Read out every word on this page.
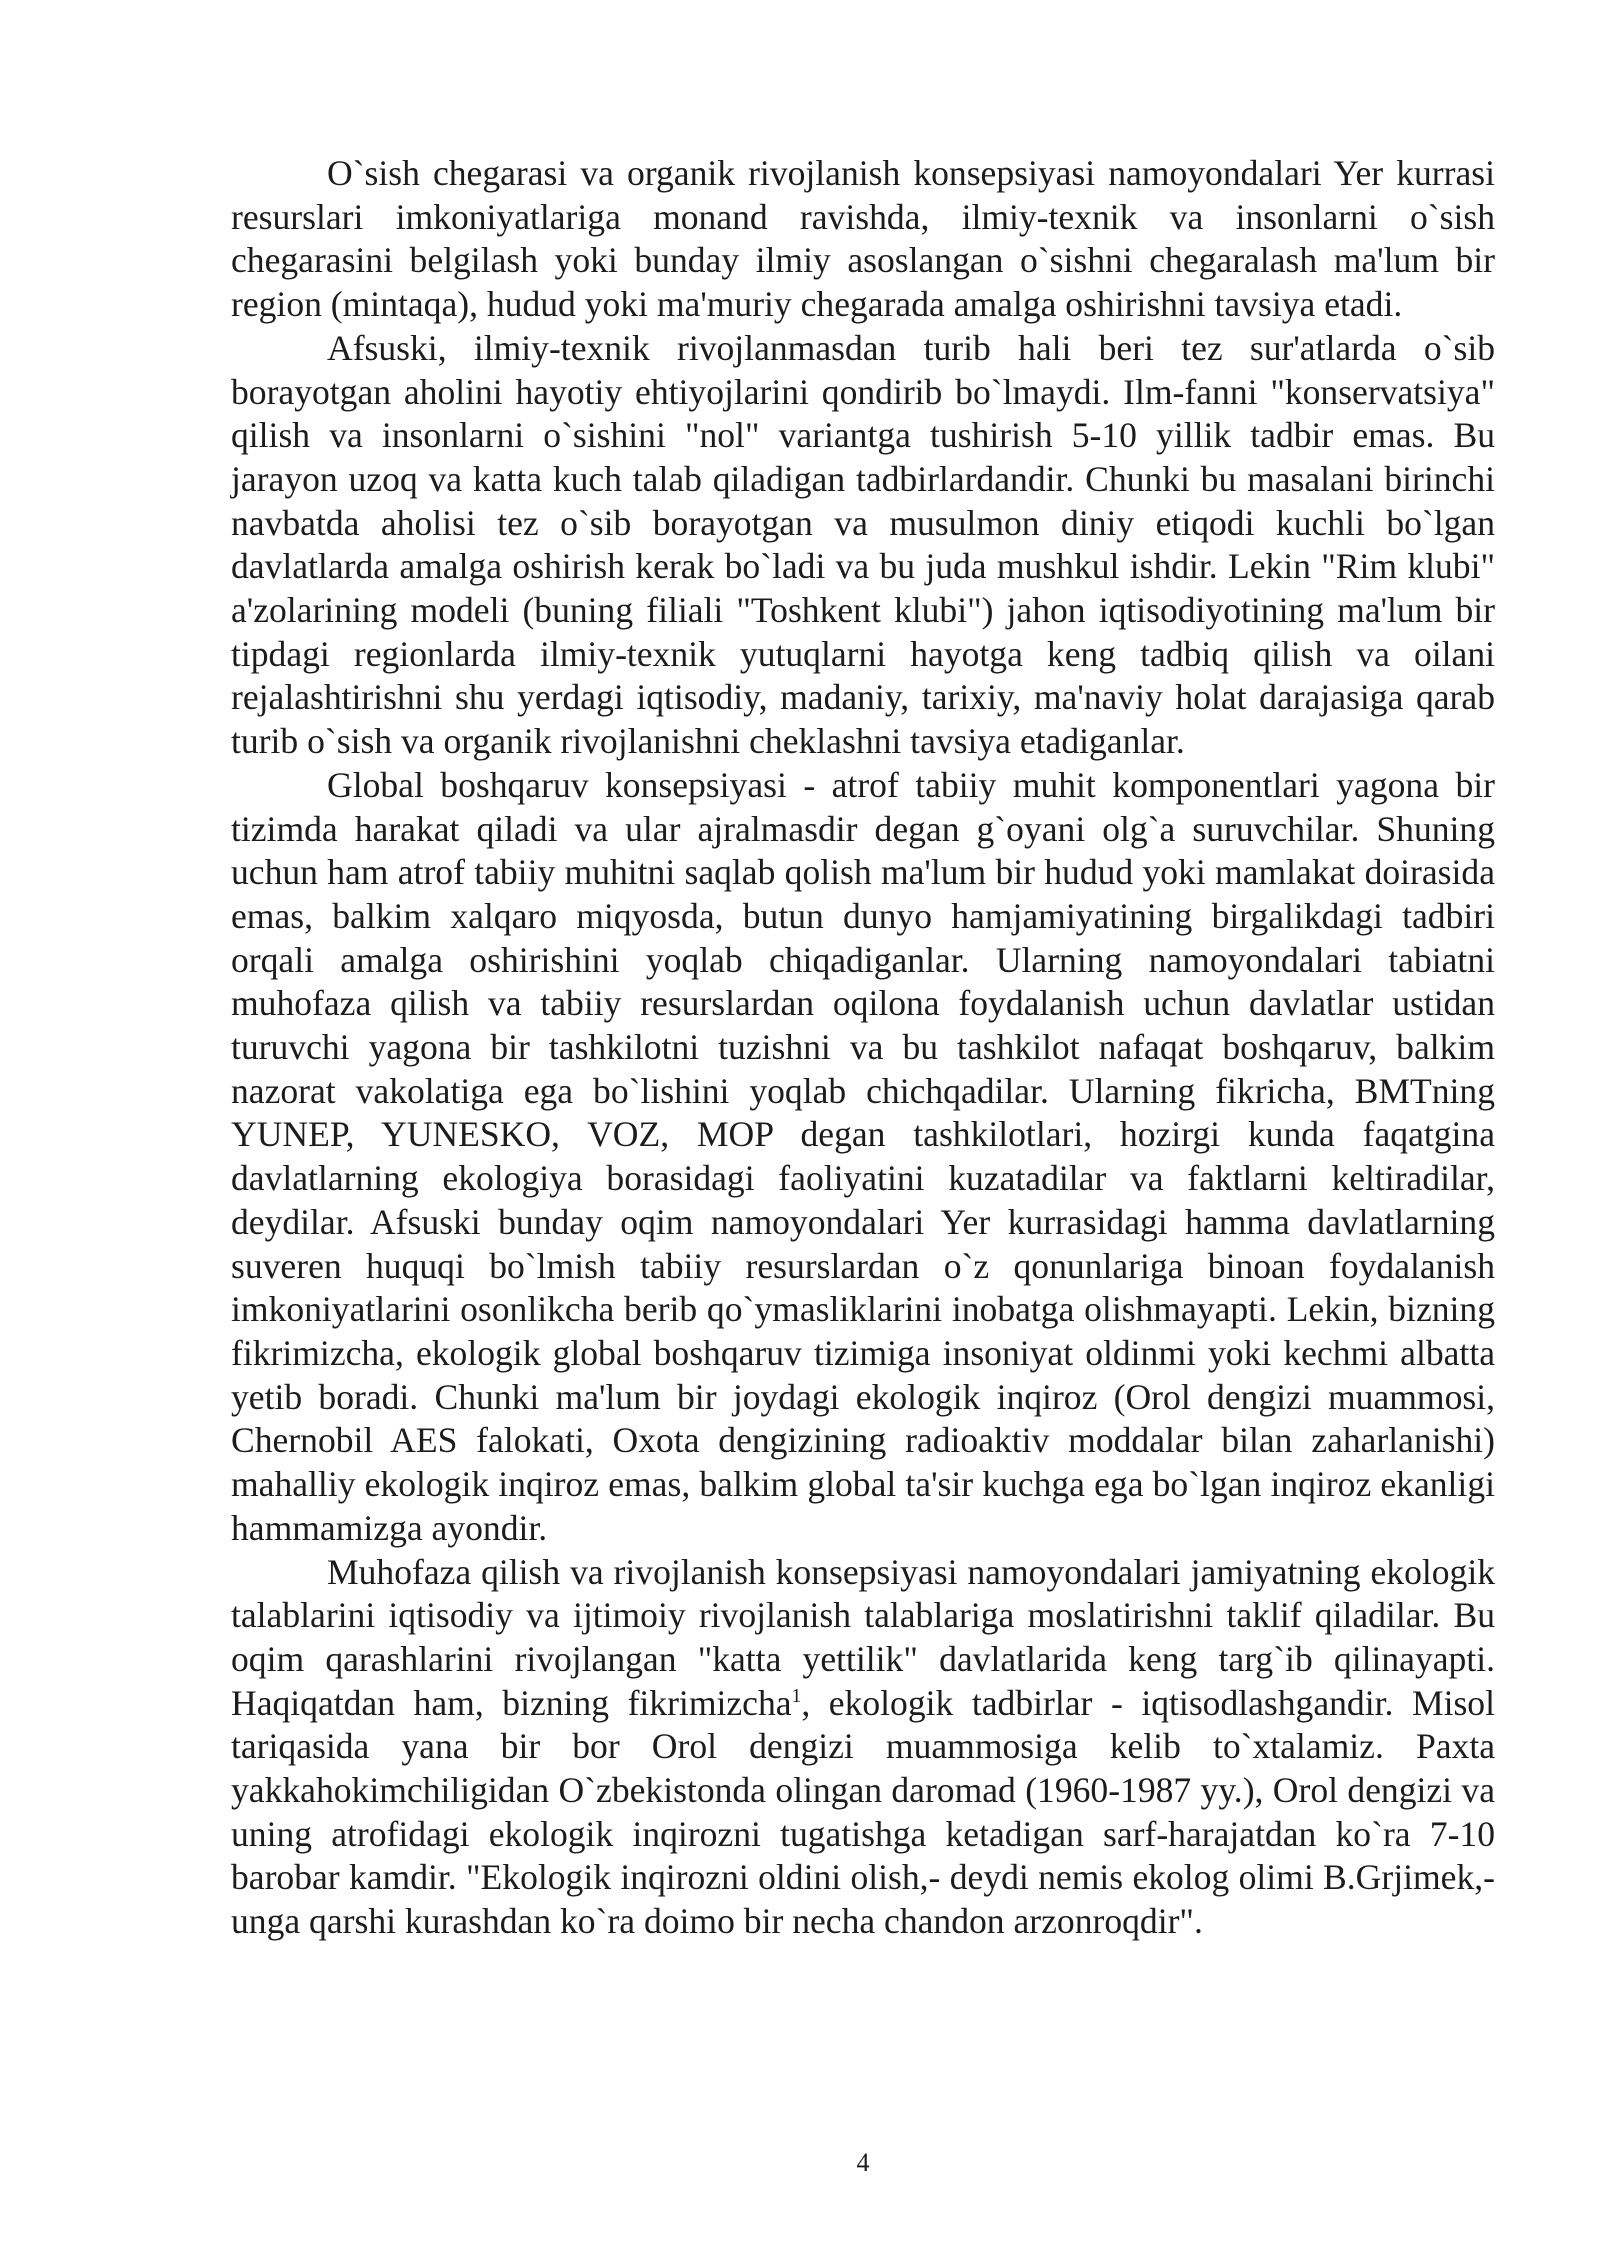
O`sish chegarasi va organik rivojlanish konsepsiyasi namoyondalari Yer kurrasi resurslari imkoniyatlariga monand ravishda, ilmiy-texnik va insonlarni o`sish chegarasini belgilash yoki bunday ilmiy asoslangan o`sishni chegaralash ma'lum bir region (mintaqa), hudud yoki ma'muriy chegarada amalga oshirishni tavsiya etadi.

Afsuski, ilmiy-texnik rivojlanmasdan turib hali beri tez sur'atlarda o`sib borayotgan aholini hayotiy ehtiyojlarini qondirib bo`lmaydi. Ilm-fanni "konservatsiya" qilish va insonlarni o`sishini "nol" variantga tushirish 5-10 yillik tadbir emas. Bu jarayon uzoq va katta kuch talab qiladigan tadbirlardandir. Chunki bu masalani birinchi navbatda aholisi tez o`sib borayotgan va musulmon diniy etiqodi kuchli bo`lgan davlatlarda amalga oshirish kerak bo`ladi va bu juda mushkul ishdir. Lekin "Rim klubi" a'zolarining modeli (buning filiali "Toshkent klubi") jahon iqtisodiyotining ma'lum bir tipdagi regionlarda ilmiy-texnik yutuqlarni hayotga keng tadbiq qilish va oilani rejalashtirishni shu yerdagi iqtisodiy, madaniy, tarixiy, ma'naviy holat darajasiga qarab turib o`sish va organik rivojlanishni cheklashni tavsiya etadiganlar.

Global boshqaruv konsepsiyasi - atrof tabiiy muhit komponentlari yagona bir tizimda harakat qiladi va ular ajralmasdir degan g`oyani olg`a suruvchilar. Shuning uchun ham atrof tabiiy muhitni saqlab qolish ma'lum bir hudud yoki mamlakat doirasida emas, balkim xalqaro miqyosda, butun dunyo hamjamiyatining birgalikdagi tadbiri orqali amalga oshirishini yoqlab chiqadiganlar. Ularning namoyondalari tabiatni muhofaza qilish va tabiiy resurslardan oqilona foydalanish uchun davlatlar ustidan turuvchi yagona bir tashkilotni tuzishni va bu tashkilot nafaqat boshqaruv, balkim nazorat vakolatiga ega bo`lishini yoqlab chichqadilar. Ularning fikricha, BMTning YUNEP, YUNESKO, VOZ, MOP degan tashkilotlari, hozirgi kunda faqatgina davlatlarning ekologiya borasidagi faoliyatini kuzatadilar va faktlarni keltiradilar, deydilar. Afsuski bunday oqim namoyondalari Yer kurrasidagi hamma davlatlarning suveren huquqi bo`lmish tabiiy resurslardan o`z qonunlariga binoan foydalanish imkoniyatlarini osonlikcha berib qo`ymasliklarini inobatga olishmayapti. Lekin, bizning fikrimizcha, ekologik global boshqaruv tizimiga insoniyat oldinmi yoki kechmi albatta yetib boradi. Chunki ma'lum bir joydagi ekologik inqiroz (Orol dengizi muammosi, Chernobil AES falokati, Oxota dengizining radioaktiv moddalar bilan zaharlanishi) mahalliy ekologik inqiroz emas, balkim global ta'sir kuchga ega bo`lgan inqiroz ekanligi hammamizga ayondir.

Muhofaza qilish va rivojlanish konsepsiyasi namoyondalari jamiyatning ekologik talablarini iqtisodiy va ijtimoiy rivojlanish talablariga moslatirishni taklif qiladilar. Bu oqim qarashlarini rivojlangan "katta yettilik" davlatlarida keng targ`ib qilinayapti. Haqiqatdan ham, bizning fikrimizcha$^1$, ekologik tadbirlar - iqtisodlashgandir. Misol tariqasida yana bir bor Orol dengizi muammosiga kelib to`xtalamiz. Paxta yakkahokimchiligidan O`zbekistonda olingan daromad (1960-1987 yy.), Orol dengizi va uning atrofidagi ekologik inqirozni tugatishga ketadigan sarf-harajatdan ko`ra 7-10 barobar kamdir. "Ekologik inqirozni oldini olish,- deydi nemis ekolog olimi B.Grjimek,- unga qarshi kurashdan ko`ra doimo bir necha chandon arzonroqdir".

4
